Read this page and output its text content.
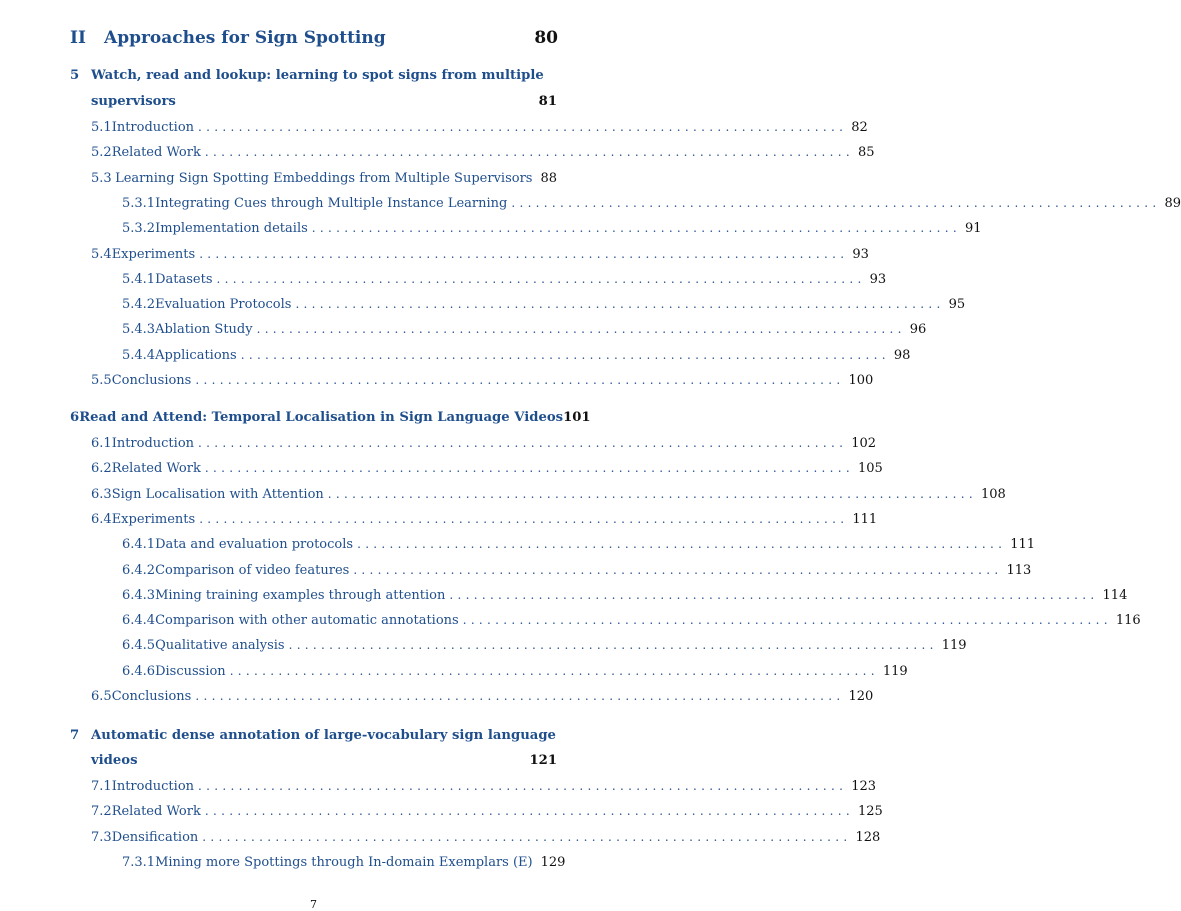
II	Approaches for Sign Spotting	80
5 Watch, read and lookup: learning to spot signs from multiple
supervisors	81
5.1 Introduction ................................................................................ 82
5.2 Related Work ................................................................................ 85
5.3 Learning Sign Spotting Embeddings from Multiple Supervisors 88
5.3.1 Integrating Cues through Multiple Instance Learning ................................................................................ 89
5.3.2 Implementation details ................................................................................ 91
5.4 Experiments ................................................................................ 93
5.4.1 Datasets ................................................................................ 93
5.4.2 Evaluation Protocols ................................................................................ 95
5.4.3 Ablation Study ................................................................................ 96
5.4.4 Applications ................................................................................ 98
5.5 Conclusions ................................................................................ 100
6 Read and Attend: Temporal Localisation in Sign Language Videos 101
6.1 Introduction ................................................................................ 102
6.2 Related Work ................................................................................ 105
6.3 Sign Localisation with Attention ................................................................................ 108
6.4 Experiments ................................................................................ 111
6.4.1 Data and evaluation protocols ................................................................................ 111
6.4.2 Comparison of video features ................................................................................ 113
6.4.3 Mining training examples through attention ................................................................................ 114
6.4.4 Comparison with other automatic annotations ................................................................................ 116
6.4.5 Qualitative analysis ................................................................................ 119
6.4.6 Discussion ................................................................................ 119
6.5 Conclusions ................................................................................ 120
7 Automatic dense annotation of large-vocabulary sign language
videos	121
7.1 Introduction ................................................................................ 123
7.2 Related Work ................................................................................ 125
7.3 Densification ................................................................................ 128
7.3.1 Mining more Spottings through In-domain Exemplars (E) 129
7
